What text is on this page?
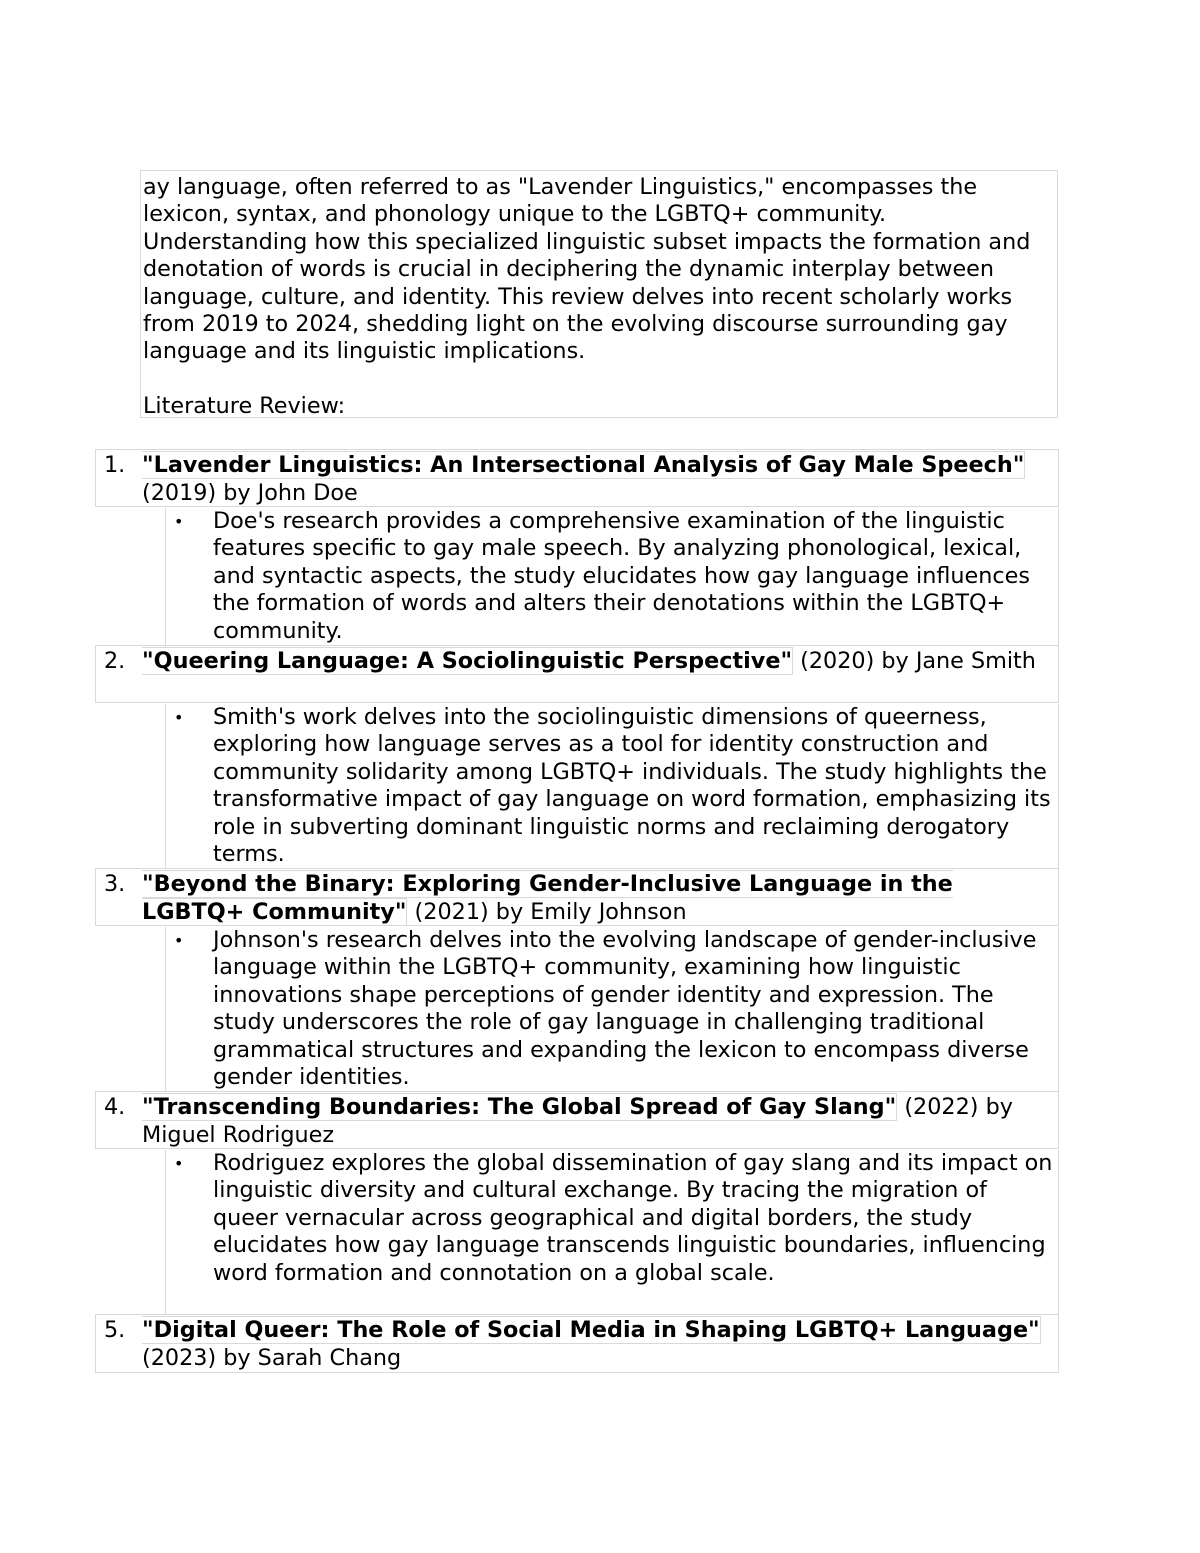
ay language, often referred to as "Lavender Linguistics," encompasses the lexicon, syntax, and phonology unique to the LGBTQ+ community. Understanding how this specialized linguistic subset impacts the formation and denotation of words is crucial in deciphering the dynamic interplay between language, culture, and identity. This review delves into recent scholarly works from 2019 to 2024, shedding light on the evolving discourse surrounding gay language and its linguistic implications.

Literature Review:

1. "Lavender Linguistics: An Intersectional Analysis of Gay Male Speech" (2019) by John Doe
• Doe's research provides a comprehensive examination of the linguistic features specific to gay male speech. By analyzing phonological, lexical, and syntactic aspects, the study elucidates how gay language influences the formation of words and alters their denotations within the LGBTQ+ community.

2. "Queering Language: A Sociolinguistic Perspective" (2020) by Jane Smith
• Smith's work delves into the sociolinguistic dimensions of queerness, exploring how language serves as a tool for identity construction and community solidarity among LGBTQ+ individuals. The study highlights the transformative impact of gay language on word formation, emphasizing its role in subverting dominant linguistic norms and reclaiming derogatory terms.

3. "Beyond the Binary: Exploring Gender-Inclusive Language in the LGBTQ+ Community" (2021) by Emily Johnson
• Johnson's research delves into the evolving landscape of gender-inclusive language within the LGBTQ+ community, examining how linguistic innovations shape perceptions of gender identity and expression. The study underscores the role of gay language in challenging traditional grammatical structures and expanding the lexicon to encompass diverse gender identities.

4. "Transcending Boundaries: The Global Spread of Gay Slang" (2022) by Miguel Rodriguez
• Rodriguez explores the global dissemination of gay slang and its impact on linguistic diversity and cultural exchange. By tracing the migration of queer vernacular across geographical and digital borders, the study elucidates how gay language transcends linguistic boundaries, influencing word formation and connotation on a global scale.

5. "Digital Queer: The Role of Social Media in Shaping LGBTQ+ Language" (2023) by Sarah Chang
